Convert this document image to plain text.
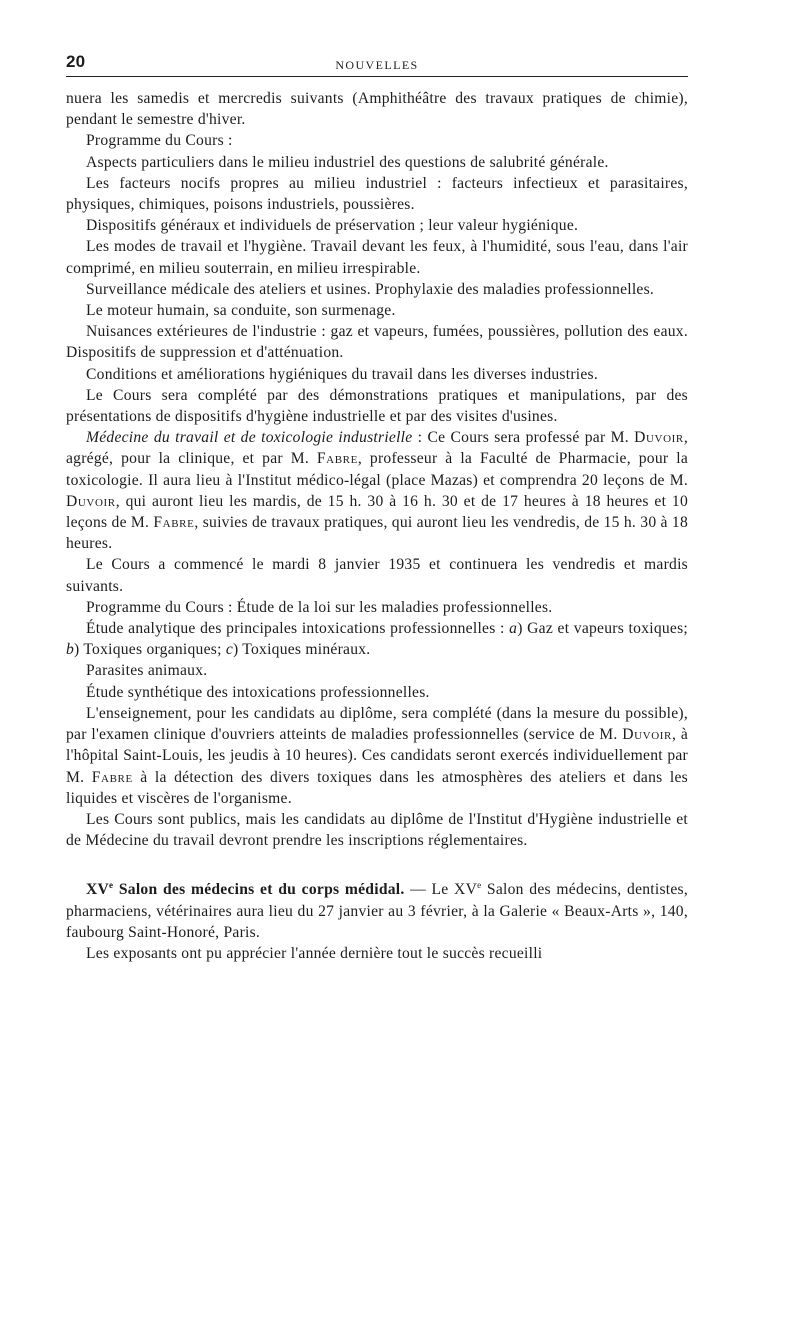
20	NOUVELLES

nuera les samedis et mercredis suivants (Amphithéâtre des travaux pratiques de chimie), pendant le semestre d'hiver.

Programme du Cours :

Aspects particuliers dans le milieu industriel des questions de salubrité générale.

Les facteurs nocifs propres au milieu industriel : facteurs infectieux et parasitaires, physiques, chimiques, poisons industriels, poussières.

Dispositifs généraux et individuels de préservation ; leur valeur hygiénique.

Les modes de travail et l'hygiène. Travail devant les feux, à l'humidité, sous l'eau, dans l'air comprimé, en milieu souterrain, en milieu irrespirable.

Surveillance médicale des ateliers et usines. Prophylaxie des maladies professionnelles.

Le moteur humain, sa conduite, son surmenage.

Nuisances extérieures de l'industrie : gaz et vapeurs, fumées, poussières, pollution des eaux. Dispositifs de suppression et d'atténuation.

Conditions et améliorations hygiéniques du travail dans les diverses industries.

Le Cours sera complété par des démonstrations pratiques et manipulations, par des présentations de dispositifs d'hygiène industrielle et par des visites d'usines.

Médecine du travail et de toxicologie industrielle : Ce Cours sera professé par M. Duvoir, agrégé, pour la clinique, et par M. Fabre, professeur à la Faculté de Pharmacie, pour la toxicologie. Il aura lieu à l'Institut médico-légal (place Mazas) et comprendra 20 leçons de M. Duvoir, qui auront lieu les mardis, de 15 h. 30 à 16 h. 30 et de 17 heures à 18 heures et 10 leçons de M. Fabre, suivies de travaux pratiques, qui auront lieu les vendredis, de 15 h. 30 à 18 heures.

Le Cours a commencé le mardi 8 janvier 1935 et continuera les vendredis et mardis suivants.

Programme du Cours : Étude de la loi sur les maladies professionnelles.

Étude analytique des principales intoxications professionnelles : a) Gaz et vapeurs toxiques; b) Toxiques organiques; c) Toxiques minéraux.

Parasites animaux.

Étude synthétique des intoxications professionnelles.

L'enseignement, pour les candidats au diplôme, sera complété (dans la mesure du possible), par l'examen clinique d'ouvriers atteints de maladies professionnelles (service de M. Duvoir, à l'hôpital Saint-Louis, les jeudis à 10 heures). Ces candidats seront exercés individuellement par M. Fabre à la détection des divers toxiques dans les atmosphères des ateliers et dans les liquides et viscères de l'organisme.

Les Cours sont publics, mais les candidats au diplôme de l'Institut d'Hygiène industrielle et de Médecine du travail devront prendre les inscriptions réglementaires.

XVe Salon des médecins et du corps médidal. — Le XVe Salon des médecins, dentistes, pharmaciens, vétérinaires aura lieu du 27 janvier au 3 février, à la Galerie « Beaux-Arts », 140, faubourg Saint-Honoré, Paris.

Les exposants ont pu apprécier l'année dernière tout le succès recueilli
